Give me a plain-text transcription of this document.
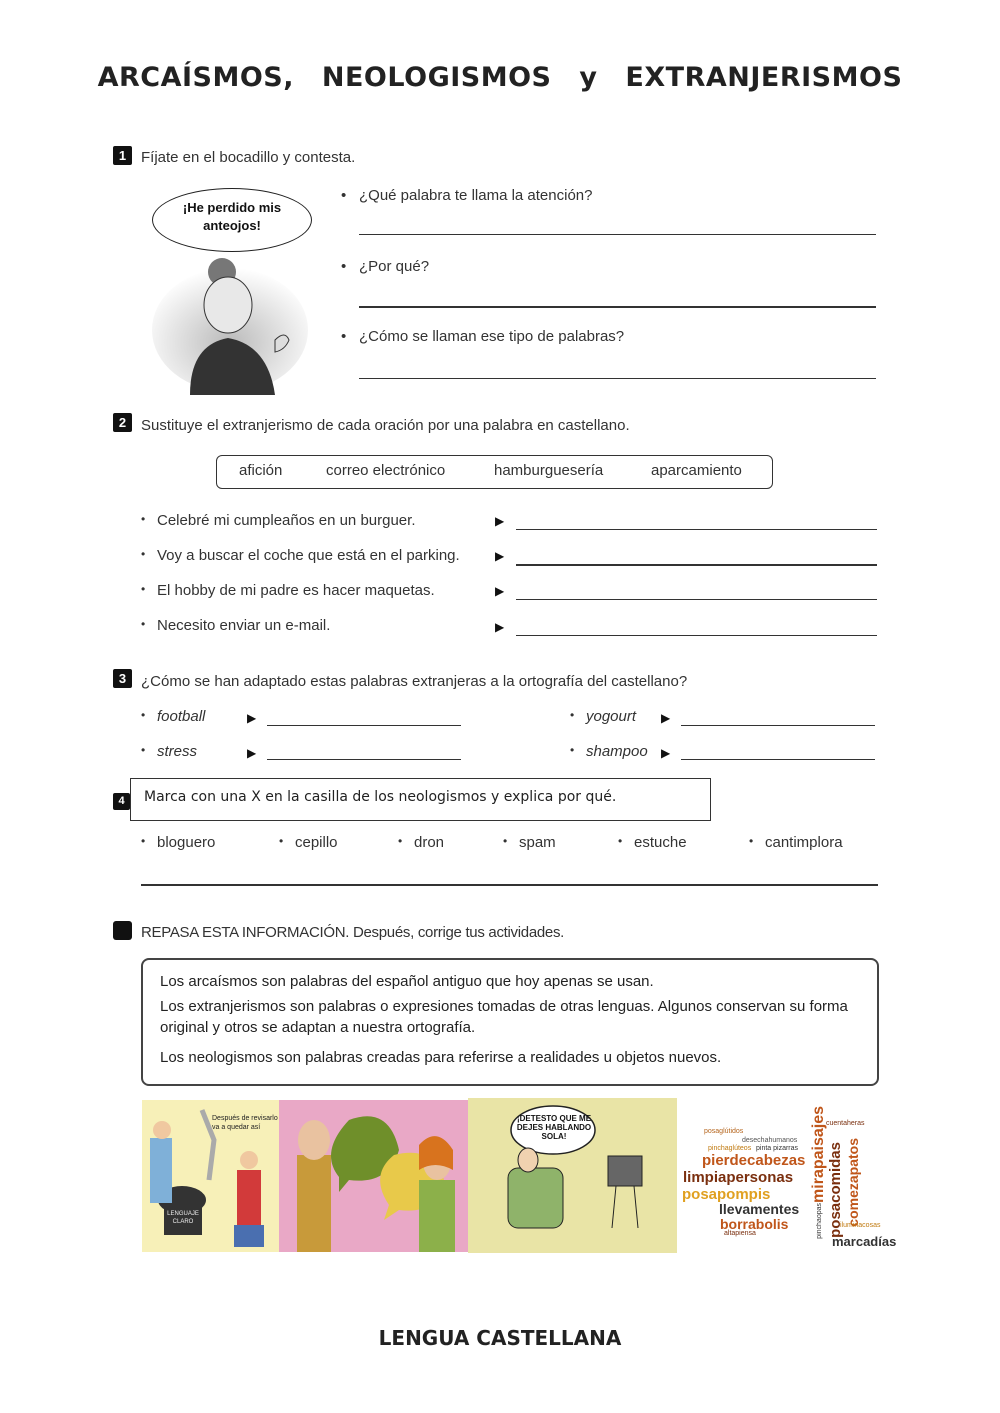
ARCAÍSMOS, NEOLOGISMOS y EXTRANJERISMOS
1 Fíjate en el bocadillo y contesta.
¡He perdido mis anteojos!
• ¿Qué palabra te llama la atención?
• ¿Por qué?
• ¿Cómo se llaman ese tipo de palabras?
2 Sustituye el extranjerismo de cada oración por una palabra en castellano.
afición	correo electrónico	hamburguesería	aparcamiento
• Celebré mi cumpleaños en un burguer.	▶
• Voy a buscar el coche que está en el parking.	▶
• El hobby de mi padre es hacer maquetas.	▶
• Necesito enviar un e-mail.	▶
3 ¿Cómo se han adaptado estas palabras extranjeras a la ortografía del castellano?
• football	▶
• stress	▶
• yogourt ▶
• shampoo ▶
4	Marca con una X en la casilla de los neologismos y explica por qué.
• bloguero	• cepillo	• dron	• spam	• estuche	• cantimplora
REPASA ESTA INFORMACIÓN. Después, corrige tus actividades.
Los arcaísmos son palabras del español antiguo que hoy apenas se usan.
Los extranjerismos son palabras o expresiones tomadas de otras lenguas. Algunos conservan su forma original y otros se adaptan a nuestra ortografía.
Los neologismos son palabras creadas para referirse a realidades u objetos nuevos.
Después de revisarlo va a quedar así
LENGUAJE CLARO
¡DETESTO QUE ME DEJES HABLANDO SOLA!
posaglútidos
desechahumanos
pinchaglúteos pinta pizarras
pierdecabezas
limpiapersonas
posapompis
llevamentes
borrabolis
altapiensa
mirapaisajes posacomidas comezapatos
marcadías
cuentaheras
iluminacosas
pinchaopas
LENGUA CASTELLANA
